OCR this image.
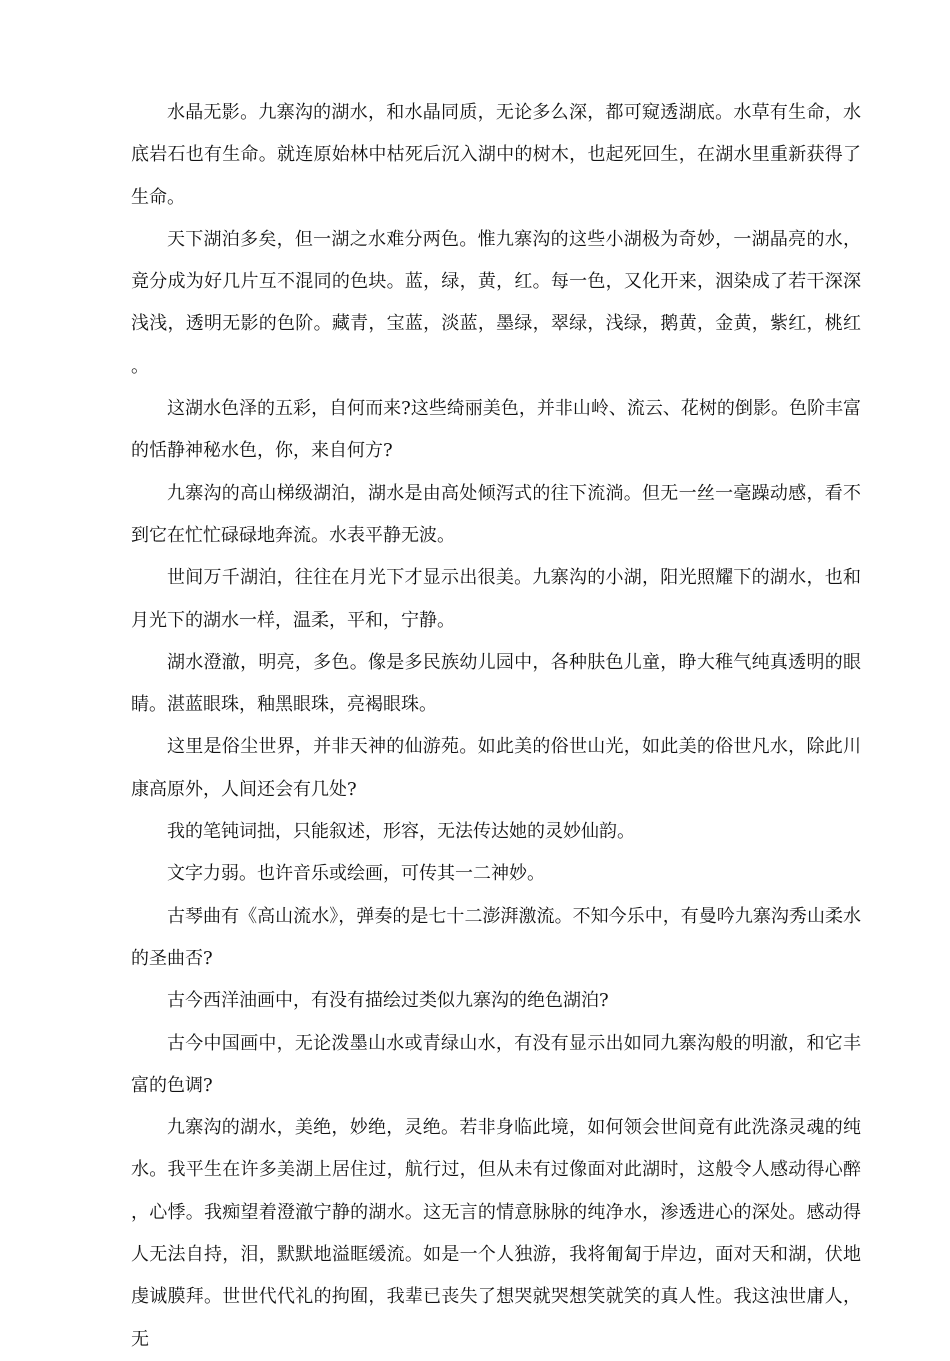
水晶无影。九寨沟的湖水，和水晶同质，无论多么深，都可窥透湖底。水草有生命，水底岩石也有生命。就连原始林中枯死后沉入湖中的树木，也起死回生，在湖水里重新获得了生命。

天下湖泊多矣，但一湖之水难分两色。惟九寨沟的这些小湖极为奇妙，一湖晶亮的水，竟分成为好几片互不混同的色块。蓝，绿，黄，红。每一色，又化开来，洇染成了若干深深浅浅，透明无影的色阶。藏青，宝蓝，淡蓝，墨绿，翠绿，浅绿，鹅黄，金黄，紫红，桃红。

这湖水色泽的五彩，自何而来?这些绮丽美色，并非山岭、流云、花树的倒影。色阶丰富的恬静神秘水色，你，来自何方?

九寨沟的高山梯级湖泊，湖水是由高处倾泻式的往下流淌。但无一丝一毫躁动感，看不到它在忙忙碌碌地奔流。水表平静无波。

世间万千湖泊，往往在月光下才显示出很美。九寨沟的小湖，阳光照耀下的湖水，也和月光下的湖水一样，温柔，平和，宁静。

湖水澄澈，明亮，多色。像是多民族幼儿园中，各种肤色儿童，睁大稚气纯真透明的眼睛。湛蓝眼珠，釉黑眼珠，亮褐眼珠。

这里是俗尘世界，并非天神的仙游苑。如此美的俗世山光，如此美的俗世凡水，除此川康高原外，人间还会有几处?

我的笔钝词拙，只能叙述，形容，无法传达她的灵妙仙韵。

文字力弱。也许音乐或绘画，可传其一二神妙。

古琴曲有《高山流水》，弹奏的是七十二澎湃激流。不知今乐中，有曼吟九寨沟秀山柔水的圣曲否?

古今西洋油画中，有没有描绘过类似九寨沟的绝色湖泊?

古今中国画中，无论泼墨山水或青绿山水，有没有显示出如同九寨沟般的明澈，和它丰富的色调?

九寨沟的湖水，美绝，妙绝，灵绝。若非身临此境，如何领会世间竟有此洗涤灵魂的纯水。我平生在许多美湖上居住过，航行过，但从未有过像面对此湖时，这般令人感动得心醉，心悸。我痴望着澄澈宁静的湖水。这无言的情意脉脉的纯净水，渗透进心的深处。感动得人无法自持，泪，默默地溢眶缓流。如是一个人独游，我将匍匐于岸边，面对天和湖，伏地虔诚膜拜。世世代代礼的拘囿，我辈已丧失了想哭就哭想笑就笑的真人性。我这浊世庸人，无
